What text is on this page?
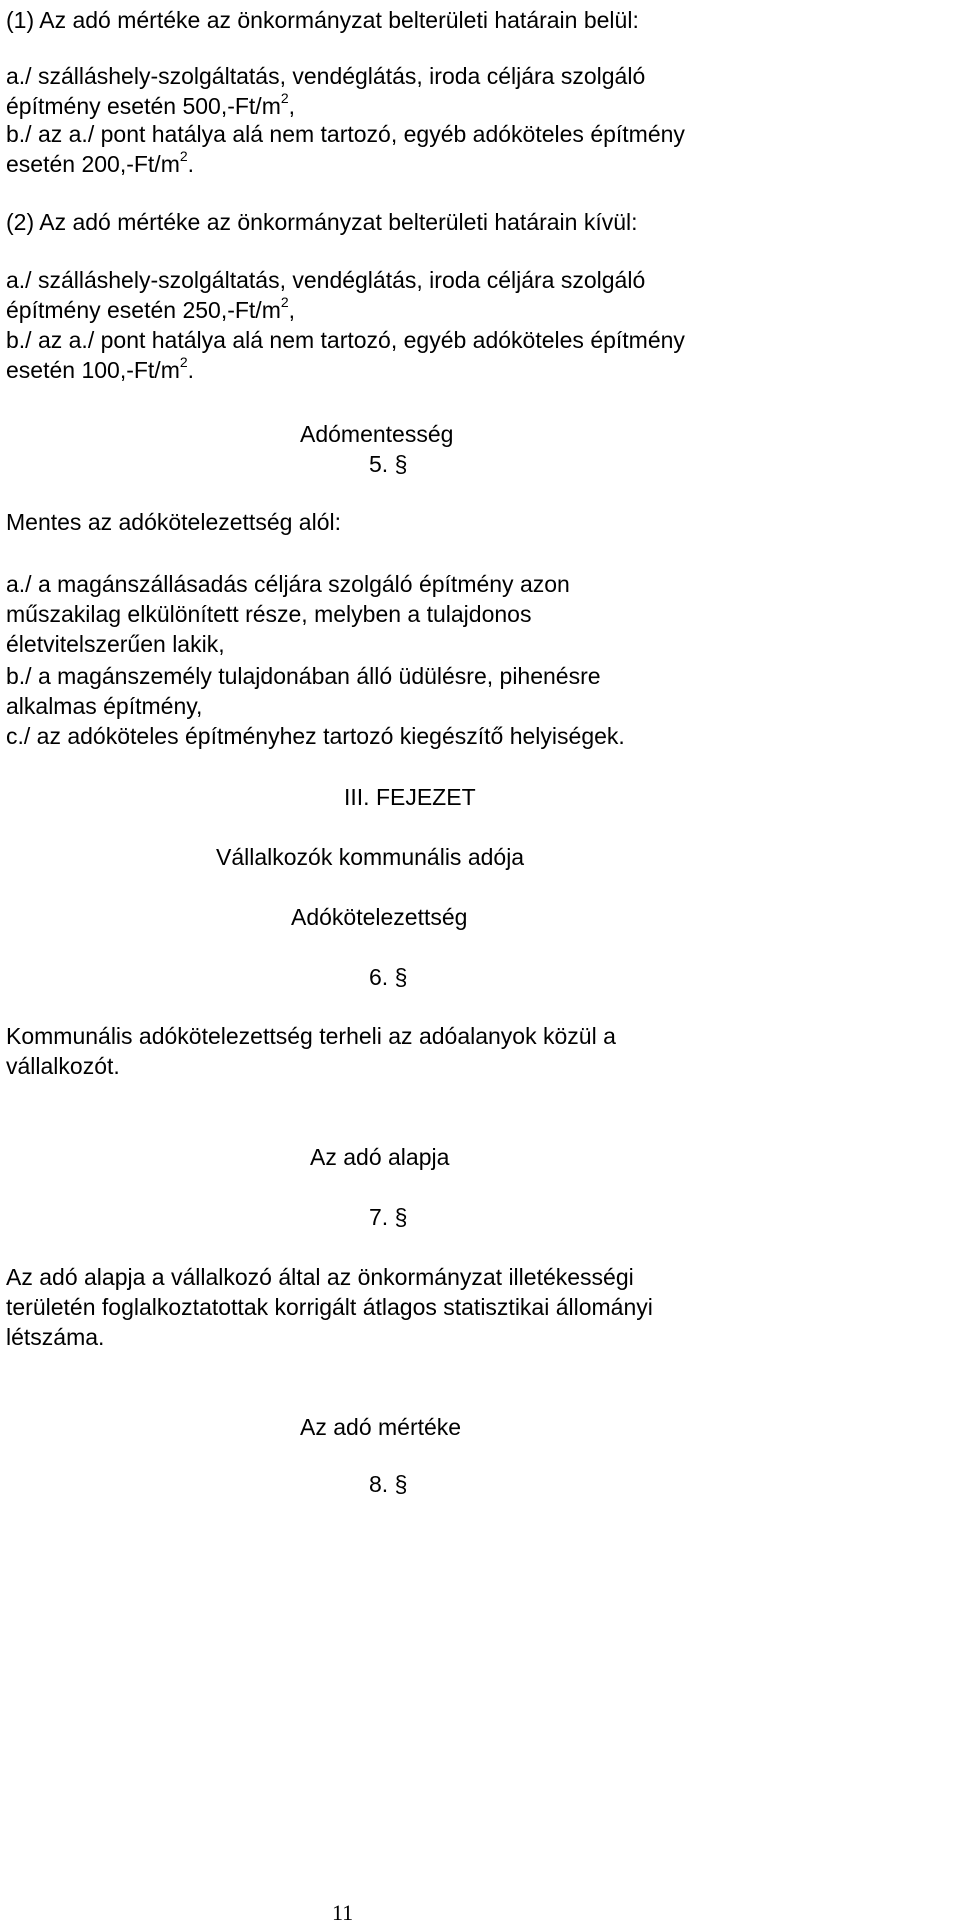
(1) Az adó mértéke az önkormányzat belterületi határain belül:
a./ szálláshely-szolgáltatás, vendéglátás, iroda céljára szolgáló
építmény esetén $500,-Ft/m^2$,
b./ az a./ pont hatálya alá nem tartozó, egyéb adóköteles építmény
esetén $200,-Ft/m^2$.
(2) Az adó mértéke az önkormányzat belterületi határain kívül:
a./ szálláshely-szolgáltatás, vendéglátás, iroda céljára szolgáló
építmény esetén $250,-Ft/m^2$,
b./ az a./ pont hatálya alá nem tartozó, egyéb adóköteles építmény
esetén $100,-Ft/m^2$.
Adómentesség
5. §
Mentes az adókötelezettség alól:
a./ a magánszállásadás céljára szolgáló építmény azon
műszakilag elkülönített része, melyben a tulajdonos
életvitelszerűen lakik,
b./ a magánszemély tulajdonában álló üdülésre, pihenésre
alkalmas építmény,
c./ az adóköteles építményhez tartozó kiegészítő helyiségek.
III. FEJEZET
Vállalkozók kommunális adója
Adókötelezettség
6. §
Kommunális adókötelezettség terheli az adóalanyok közül a
vállalkozót.
Az adó alapja
7. §
Az adó alapja a vállalkozó által az önkormányzat illetékességi
területén foglalkoztatottak korrigált átlagos statisztikai állományi
létszáma.
Az adó mértéke
8. §
11
